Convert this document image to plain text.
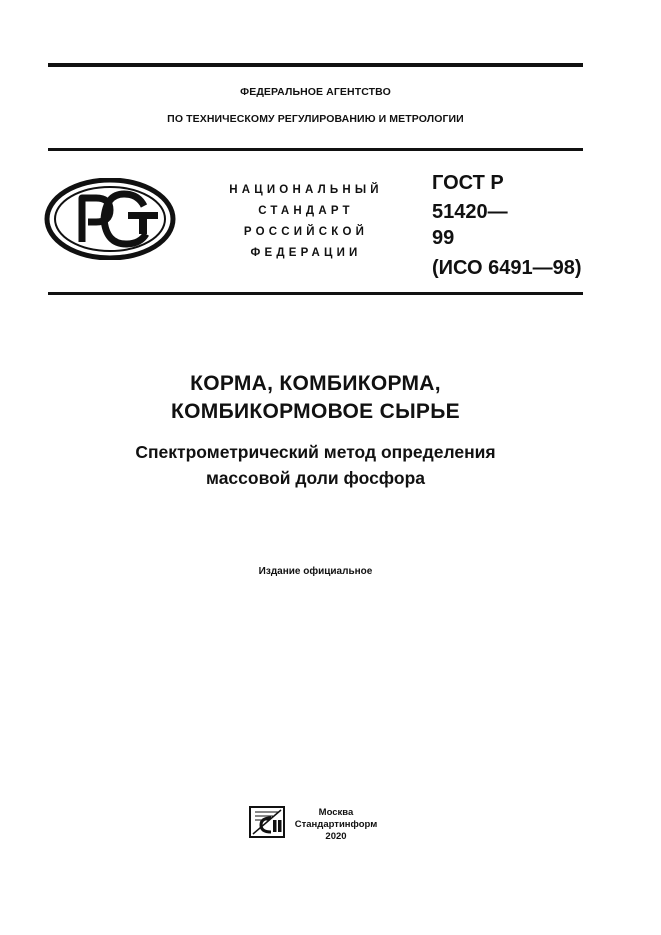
ФЕДЕРАЛЬНОЕ АГЕНТСТВО
ПО ТЕХНИЧЕСКОМУ РЕГУЛИРОВАНИЮ И МЕТРОЛОГИИ
НАЦИОНАЛЬНЫЙ
СТАНДАРТ
РОССИЙСКОЙ
ФЕДЕРАЦИИ
ГОСТ Р
51420—
99
(ИСО 6491—98)
КОРМА, КОМБИКОРМА,
КОМБИКОРМОВОЕ СЫРЬЕ
Спектрометрический метод определения
массовой доли фосфора
Издание официальное
Москва
Стандартинформ
2020
